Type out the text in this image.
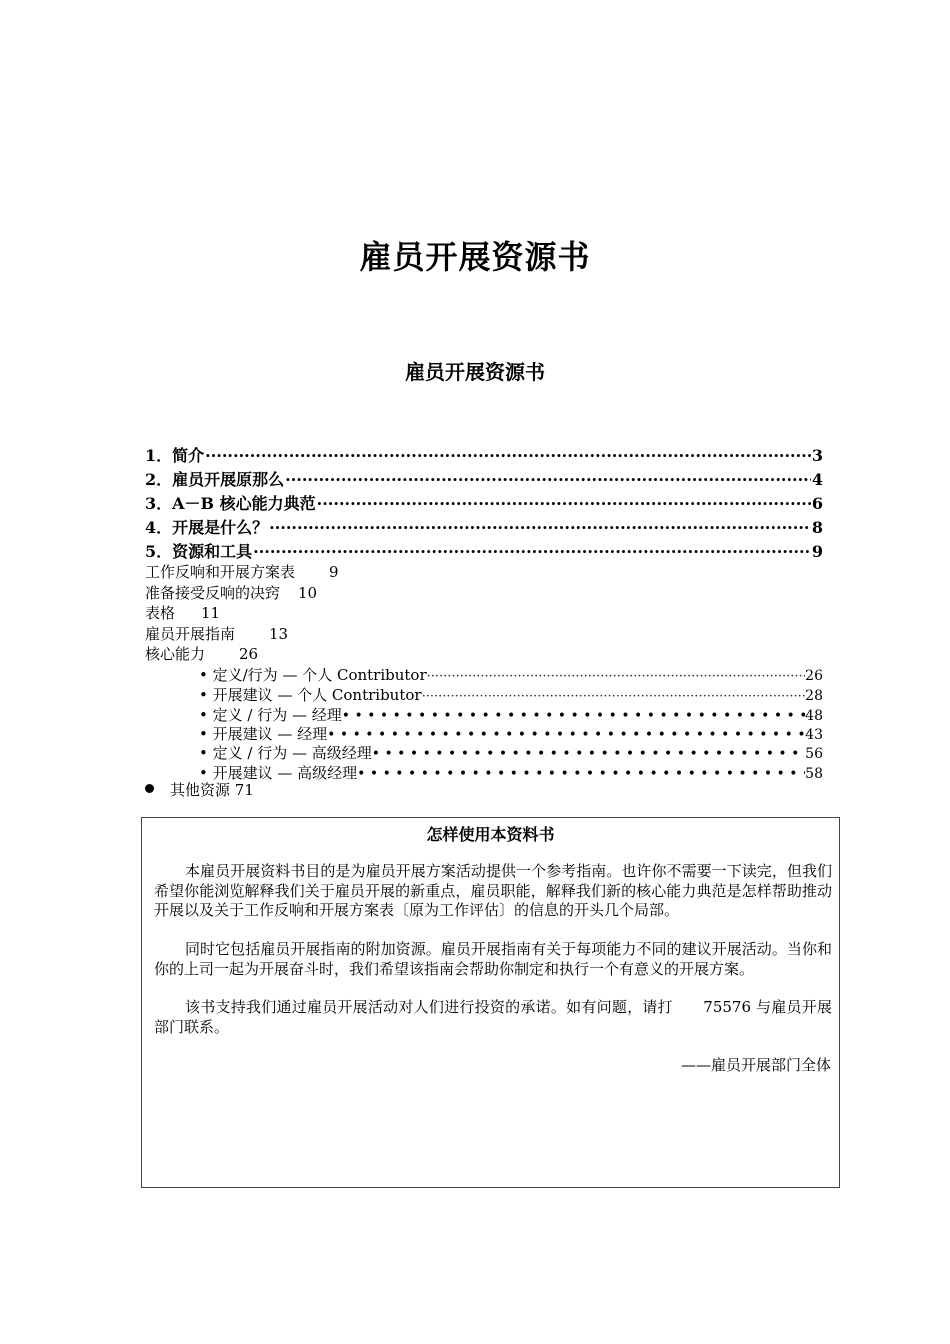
雇员开展资源书
雇员开展资源书
1．简介 ·····	3
2．雇员开展原那么 ·····	4
3．A－B 核心能力典范 ·····	6
4．开展是什么？ ·····	8
5．资源和工具 ·····	9
工作反响和开展方案表 9
准备接受反响的决窍 10
表格 11
雇员开展指南 13
核心能力 26
• 定义/行为 — 个人 Contributor ·····	26
• 开展建议 — 个人 Contributor ·····	28
• 定义 / 行为 — 经理 • • •	48
• 开展建议 — 经理 • • •	43
• 定义 / 行为 — 高级经理 • • •	56
• 开展建议 — 高级经理 • • •	58
其他资源 71
怎样使用本资料书
本雇员开展资料书目的是为雇员开展方案活动提供一个参考指南。也许你不需要一下读完，但我们希望你能浏览解释我们关于雇员开展的新重点，雇员职能，解释我们新的核心能力典范是怎样帮助推动开展以及关于工作反响和开展方案表〔原为工作评估〕的信息的开头几个局部。
同时它包括雇员开展指南的附加资源。雇员开展指南有关于每项能力不同的建议开展活动。当你和你的上司一起为开展奋斗时，我们希望该指南会帮助你制定和执行一个有意义的开展方案。
该书支持我们通过雇员开展活动对人们进行投资的承诺。如有问题，请打　　75576 与雇员开展部门联系。
——雇员开展部门全体
